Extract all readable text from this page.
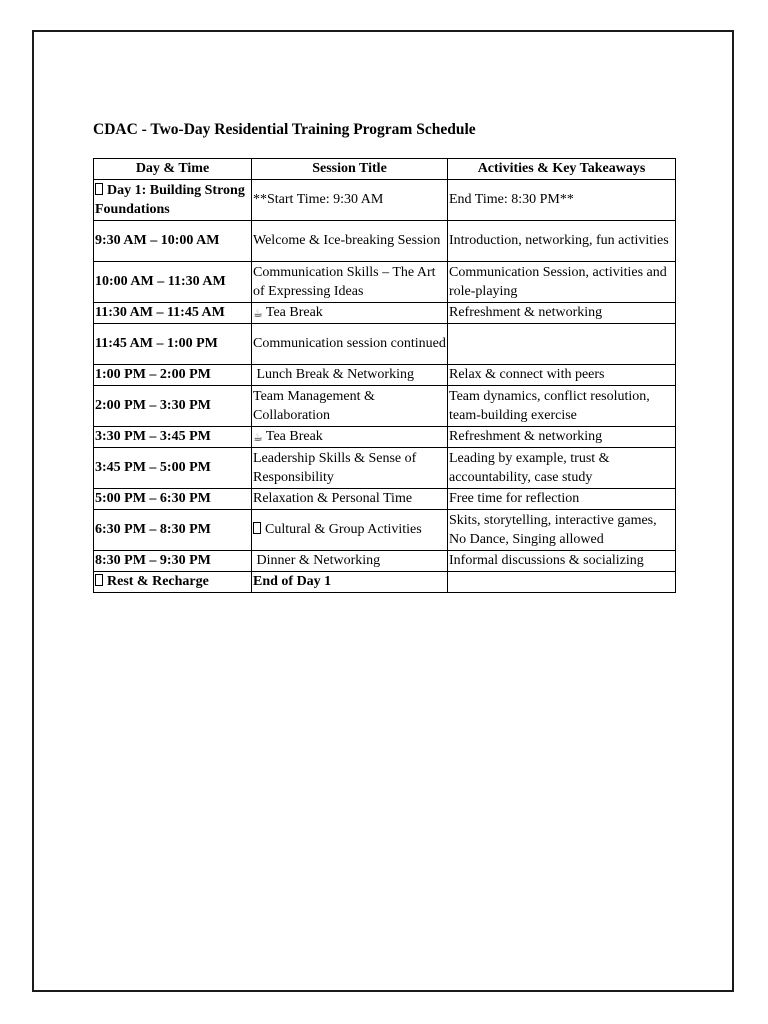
CDAC - Two-Day Residential Training Program Schedule
Day & Time	Session Title	Activities & Key Takeaways
Day 1: Building Strong Foundations	**Start Time: 9:30 AM	End Time: 8:30 PM**
9:30 AM – 10:00 AM	Welcome & Ice-breaking Session	Introduction, networking, fun activities
10:00 AM – 11:30 AM	Communication Skills – The Art of Expressing Ideas	Communication Session, activities and role-playing
11:30 AM – 11:45 AM	☕ Tea Break	Refreshment & networking
11:45 AM – 1:00 PM	Communication session continued	
1:00 PM – 2:00 PM	Lunch Break & Networking	Relax & connect with peers
2:00 PM – 3:30 PM	Team Management & Collaboration	Team dynamics, conflict resolution, team-building exercise
3:30 PM – 3:45 PM	☕ Tea Break	Refreshment & networking
3:45 PM – 5:00 PM	Leadership Skills & Sense of Responsibility	Leading by example, trust & accountability, case study
5:00 PM – 6:30 PM	Relaxation & Personal Time	Free time for reflection
6:30 PM – 8:30 PM	Cultural & Group Activities	Skits, storytelling, interactive games, No Dance, Singing allowed
8:30 PM – 9:30 PM	Dinner & Networking	Informal discussions & socializing
Rest & Recharge	End of Day 1	
